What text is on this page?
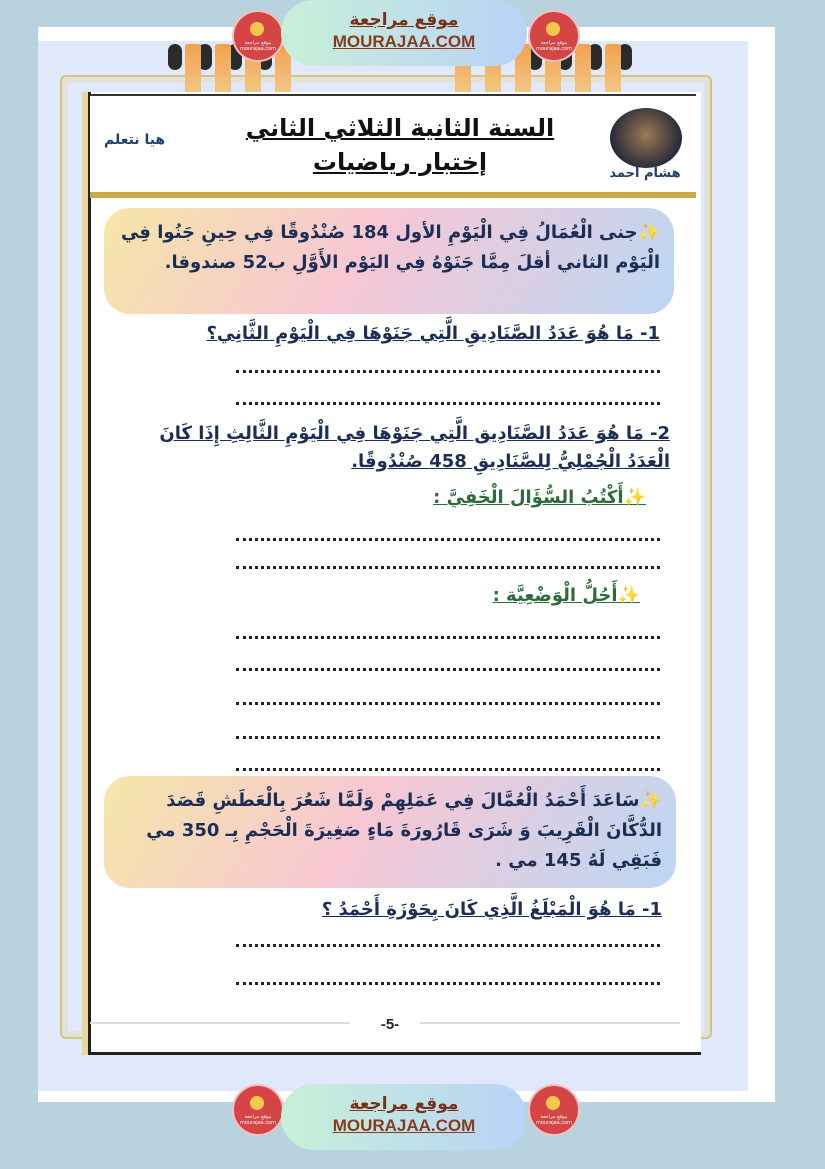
موقع مراجعة mourajaa.com
موقع مراجعة
MOURAJAA.COM	موقع مراجعة mourajaa.com
هيا نتعلم	السنة الثانية الثلاثي الثاني
إختبار رياضيات	هشام أحمد
✨جنى الْعُمَالُ فِي الْيَوْمِ الأول 184 صُنْدُوقًا فِي حِينِ جَنُوا فِي الْيَوْم الثاني أقلَ مِمَّا جَنَوْهُ فِي اليَوْم الأَوَّلِ ب52 صندوقا.
1- مَا هُوَ عَدَدُ الصَّنَادِيقِ الَّتِي جَنَوْهَا فِي الْيَوْمِ الثَّانِي؟
2- مَا هُوَ عَدَدُ الصَّنَادِيق الَّتِي جَنَوْهَا فِي الْيَوْمِ الثَّالِثِ إِذَا كَانَ الْعَدَدُ الْجُمْلِيُّ لِلصَّنَادِيقِ 458 صُنْدُوقًا.
✨أَكْتُبُ السُّؤَالَ الْخَفِيَّ :
✨أَحُلُّ الْوَضْعِيَّة :
✨سَاعَدَ أَحْمَدُ الْعُمَّالَ فِي عَمَلِهِمْ وَلَمَّا شَعُرَ بِالْعَطَشِ قَصَدَ الدُّكَّانَ الْقَرِيبَ وَ شَرَى قَارُورَةَ مَاءٍ صَغِيرَةَ الْحَجْمِ بِـ 350 مي فَبَقِي لَهُ 145 مي .
1- مَا هُوَ الْمَبْلَغُ الَّذِي كَانَ بِحَوْزَةِ أَحْمَدُ ؟
-5-
موقع مراجعة mourajaa.com
موقع مراجعة
MOURAJAA.COM	موقع مراجعة mourajaa.com
